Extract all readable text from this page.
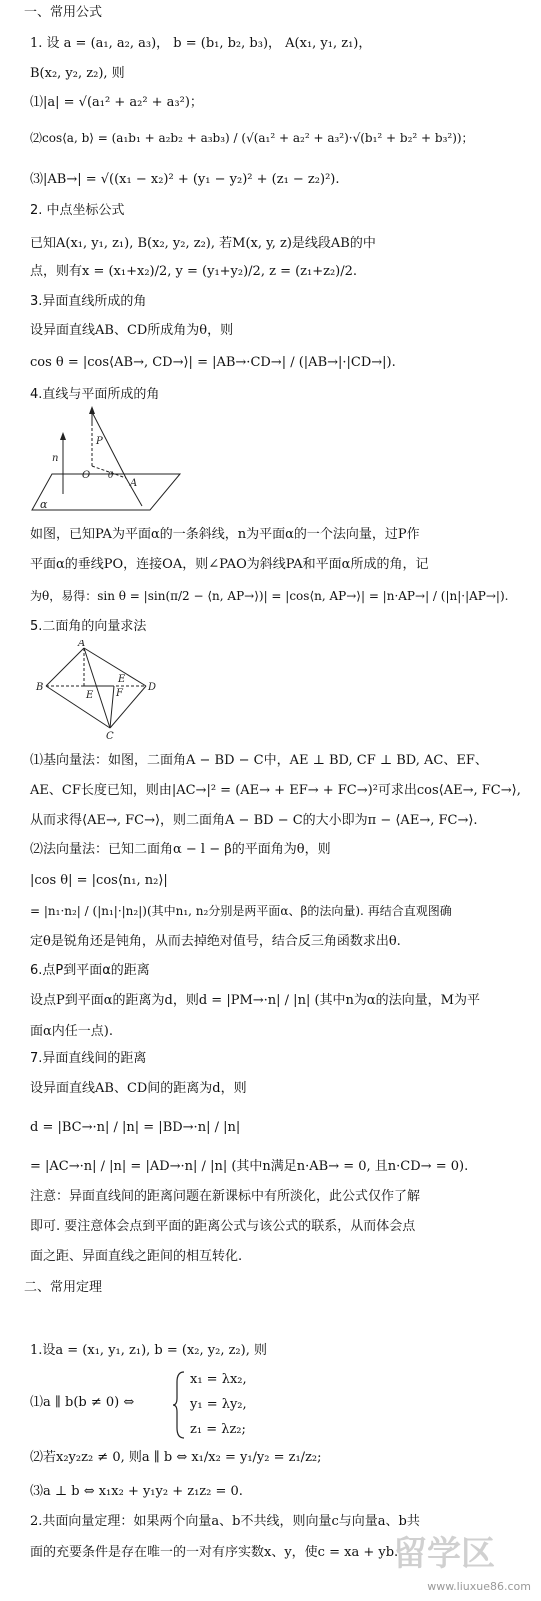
一、常用公式
1. 设 a = (a₁, a₂, a₃)， b = (b₁, b₂, b₃)， A(x₁, y₁, z₁)，
B(x₂, y₂, z₂), 则
⑴|a| = √(a₁² + a₂² + a₃²)；
⑵cos⟨a, b⟩ = (a₁b₁ + a₂b₂ + a₃b₃) / (√(a₁² + a₂² + a₃²)·√(b₁² + b₂² + b₃²))；
⑶|AB→| = √((x₁ − x₂)² + (y₁ − y₂)² + (z₁ − z₂)²).
2. 中点坐标公式
已知A(x₁, y₁, z₁), B(x₂, y₂, z₂), 若M(x, y, z)是线段AB的中
点，则有x = (x₁+x₂)/2, y = (y₁+y₂)/2, z = (z₁+z₂)/2.
3.异面直线所成的角
设异面直线AB、CD所成角为θ，则
cos θ = |cos⟨AB→, CD→⟩| = |AB→·CD→| / (|AB→|·|CD→|).
4.直线与平面所成的角
n
P
O θ
A
α
如图，已知PA为平面α的一条斜线，n为平面α的一个法向量，过P作
平面α的垂线PO，连接OA，则∠PAO为斜线PA和平面α所成的角，记
为θ，易得：sin θ = |sin(π/2 − ⟨n, AP→⟩)| = |cos⟨n, AP→⟩| = |n·AP→| / (|n|·|AP→|).
5.二面角的向量求法
A
B	D
E
E
F
C
⑴基向量法：如图，二面角A − BD − C中，AE ⊥ BD, CF ⊥ BD, AC、EF、
AE、CF长度已知，则由|AC→|² = (AE→ + EF→ + FC→)²可求出cos⟨AE→, FC→⟩,
从而求得⟨AE→, FC→⟩，则二面角A − BD − C的大小即为π − ⟨AE→, FC→⟩.
⑵法向量法：已知二面角α − l − β的平面角为θ，则
|cos θ| = |cos⟨n₁, n₂⟩|
= |n₁·n₂| / (|n₁|·|n₂|)(其中n₁, n₂分别是两平面α、β的法向量). 再结合直观图确
定θ是锐角还是钝角，从而去掉绝对值号，结合反三角函数求出θ.
6.点P到平面α的距离
设点P到平面α的距离为d，则d = |PM→·n| / |n| (其中n为α的法向量，M为平
面α内任一点).
7.异面直线间的距离
设异面直线AB、CD间的距离为d，则
d = |BC→·n| / |n| = |BD→·n| / |n|
= |AC→·n| / |n| = |AD→·n| / |n| (其中n满足n·AB→ = 0, 且n·CD→ = 0).
注意：异面直线间的距离问题在新课标中有所淡化，此公式仅作了解
即可. 要注意体会点到平面的距离公式与该公式的联系，从而体会点
面之距、异面直线之距间的相互转化.
二、常用定理
1.设a = (x₁, y₁, z₁), b = (x₂, y₂, z₂), 则
⑴a ∥ b(b ≠ 0) ⇔
x₁ = λx₂,
y₁ = λy₂,
z₁ = λz₂;
⑵若x₂y₂z₂ ≠ 0, 则a ∥ b ⇔ x₁/x₂ = y₁/y₂ = z₁/z₂;
⑶a ⊥ b ⇔ x₁x₂ + y₁y₂ + z₁z₂ = 0.
2.共面向量定理：如果两个向量a、b不共线，则向量c与向量a、b共
面的充要条件是存在唯一的一对有序实数x、y，使c = xa + yb.
留学区
www.liuxue86.com
